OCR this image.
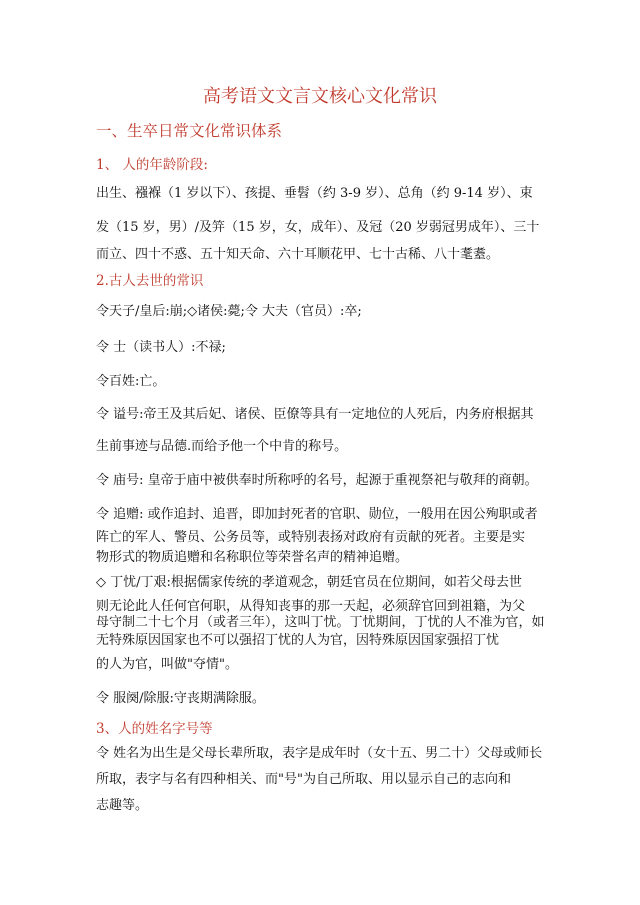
高考语文文言文核心文化常识
一、生卒日常文化常识体系
1、 人的年龄阶段:
出生、襁褓（1 岁以下）、孩提、垂髫（约 3-9 岁）、总角（约 9-14 岁）、束
发（15 岁，男）/及笄（15 岁，女，成年）、及冠（20 岁弱冠男成年）、三十
而立、四十不惑、五十知天命、六十耳顺花甲、七十古稀、八十耄耋。
2.古人去世的常识
令天子/皇后:崩;◇诸侯:薨;令 大夫（官员）:卒;
令 士（读书人）:不禄;
令百姓:亡。
令 谥号:帝王及其后妃、诸侯、臣僚等具有一定地位的人死后，内务府根据其
生前事迹与品德.而给予他一个中肯的称号。
令 庙号: 皇帝于庙中被供奉时所称呼的名号，起源于重视祭祀与敬拜的商朝。
令 追赠: 或作追封、追晋，即加封死者的官职、勋位，一般用在因公殉职或者
阵亡的军人、警员、公务员等，或特别表扬对政府有贡献的死者。主要是实
物形式的物质追赠和名称职位等荣誉名声的精神追赠。
◇ 丁忧/丁艰:根据儒家传统的孝道观念，朝廷官员在位期间，如若父母去世
则无论此人任何官何职，从得知丧事的那一天起，必须辞官回到祖籍，为父
母守制二十七个月（或者三年），这叫丁忧。丁忧期间，丁忧的人不准为官，如
无特殊原因国家也不可以强招丁忧的人为官，因特殊原因国家强招丁忧
的人为官，叫做"夺情"。
令 服阕/除服:守丧期满除服。
3、人的姓名字号等
令 姓名为出生是父母长辈所取，表字是成年时（女十五、男二十）父母或师长
所取，表字与名有四种相关、而"号"为自己所取、用以显示自己的志向和
志趣等。
